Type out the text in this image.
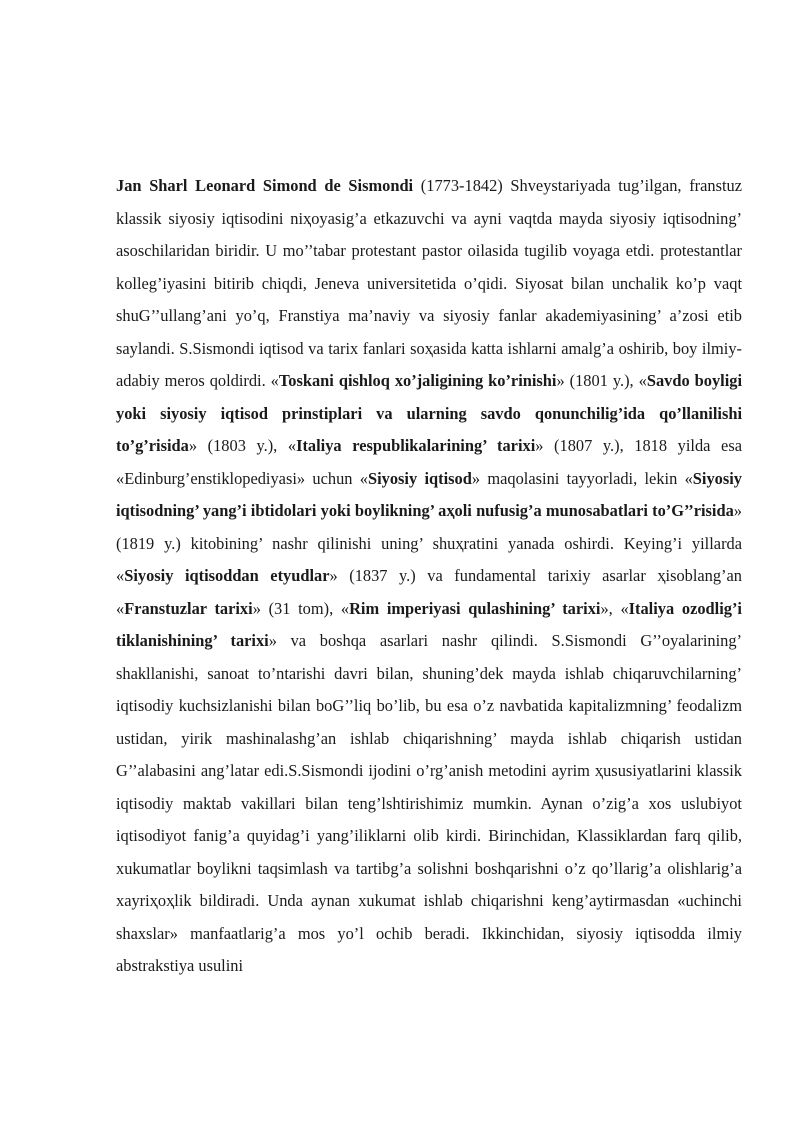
Jan Sharl Leonard Simond de Sismondi (1773-1842) Shveystariyada tug’ilgan, franstuz klassik siyosiy iqtisodini niҳoyasig’a etkazuvchi va ayni vaqtda mayda siyosiy iqtisodning’ asoschilaridan biridir. U mo’’tabar protestant pastor oilasida tugilib voyaga etdi. protestantlar kolleg’iyasini bitirib chiqdi, Jeneva universitetida o’qidi. Siyosat bilan unchalik ko’p vaqt shuG’’ullang’ani yo’q, Franstiya ma’naviy va siyosiy fanlar akademiyasining’ a’zosi etib saylandi. S.Sismondi iqtisod va tarix fanlari soҳasida katta ishlarni amalg’a oshirib, boy ilmiy-adabiy meros qoldirdi. «Toskani qishloq xo’jaligining ko’rinishi» (1801 y.), «Savdo boyligi yoki siyosiy iqtisod prinstiplari va ularning savdo qonunchilig’ida qo’llanilishi to’g’risida» (1803 y.), «Italiya respublikalarining’ tarixi» (1807 y.), 1818 yilda esa «Edinburg’enstiklopediyasi» uchun «Siyosiy iqtisod» maqolasini tayyorladi, lekin «Siyosiy iqtisodning’ yang’i ibtidolari yoki boylikning’ aҳoli nufusig’a munosabatlari to’G’’risida» (1819 y.) kitobining’ nashr qilinishi uning’ shuҳratini yanada oshirdi. Keying’i yillarda «Siyosiy iqtisoddan etyudlar» (1837 y.) va fundamental tarixiy asarlar ҳisoblang’an «Franstuzlar tarixi» (31 tom), «Rim imperiyasi qulashining’ tarixi», «Italiya ozodlig’i tiklanishining’ tarixi» va boshqa asarlari nashr qilindi. S.Sismondi G’’oyalarining’ shakllanishi, sanoat to’ntarishi davri bilan, shuning’dek mayda ishlab chiqaruvchilarning’ iqtisodiy kuchsizlanishi bilan boG’’liq bo’lib, bu esa o’z navbatida kapitalizmning’ feodalizm ustidan, yirik mashinalashg’an ishlab chiqarishning’ mayda ishlab chiqarish ustidan G’’alabasini ang’latar edi.S.Sismondi ijodini o’rg’anish metodini ayrim ҳususiyatlarini klassik iqtisodiy maktab vakillari bilan teng’lshtirishimiz mumkin. Aynan o’zig’a xos uslubiyot iqtisodiyot fanig’a quyidag’i yang’iliklarni olib kirdi. Birinchidan, Klassiklardan farq qilib, xukumatlar boylikni taqsimlash va tartibg’a solishni boshqarishni o’z qo’llarig’a olishlarig’a xayriҳoҳlik bildiradi. Unda aynan xukumat ishlab chiqarishni keng’aytirmasdan «uchinchi shaxslar» manfaatlarig’a mos yo’l ochib beradi. Ikkinchidan, siyosiy iqtisodda ilmiy abstrakstiya usulini
